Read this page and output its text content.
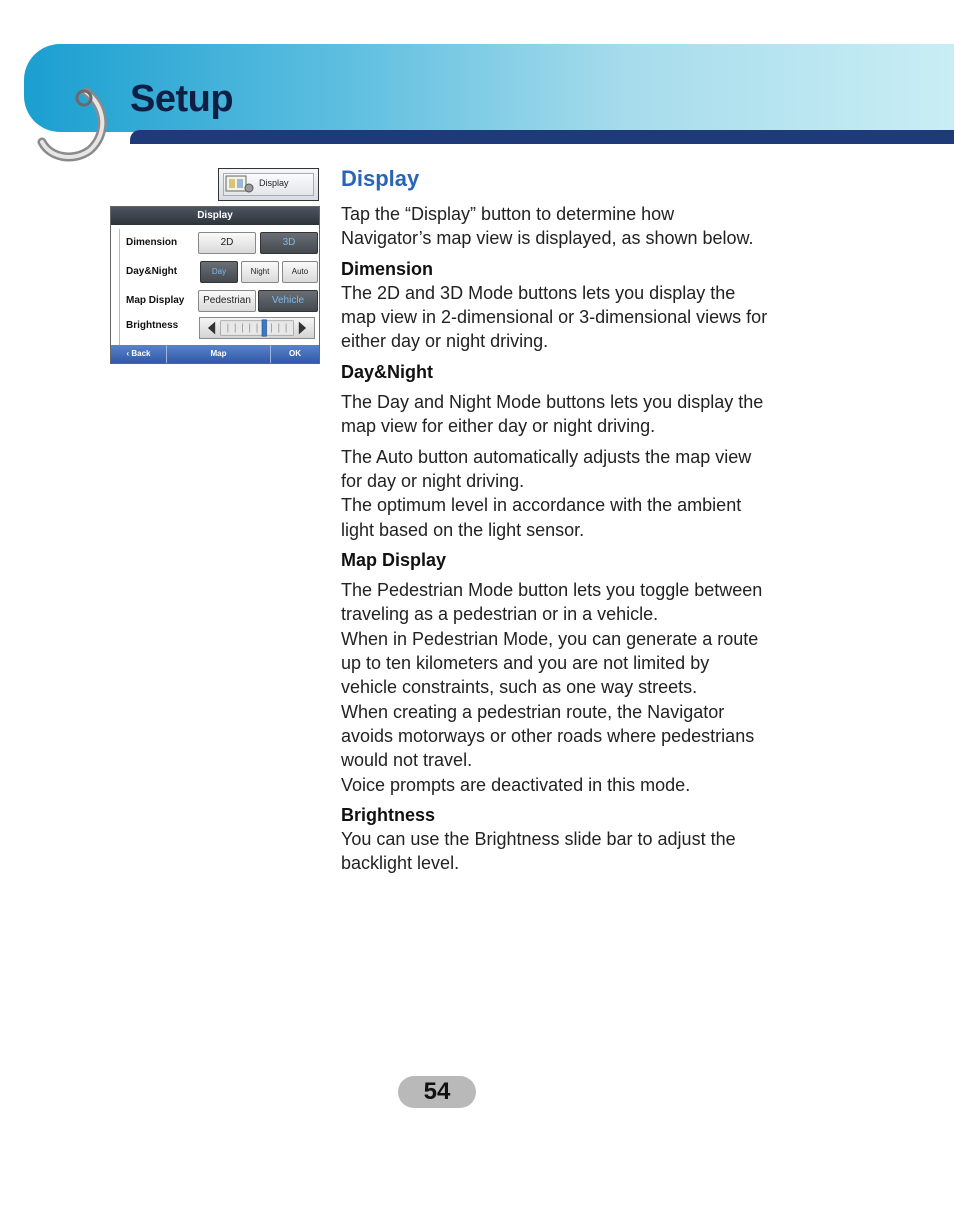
Setup
Display
Display
Dimension	2D	3D
Day&Night	Day	Night	Auto
Map Display	Pedestrian	Vehicle
Brightness
‹ Back	Map	OK
Display

Tap the “Display” button to determine how
Navigator’s map view is displayed, as shown below.

Dimension

The 2D and 3D Mode buttons lets you display the
map view in 2-dimensional or 3-dimensional views for
either day or night driving.

Day&Night

The Day and Night Mode buttons lets you display the
map view for either day or night driving.

The Auto button automatically adjusts the map view
for day or night driving.
The optimum level in accordance with the ambient
light based on the light sensor.

Map Display

The Pedestrian Mode button lets you toggle between
traveling as a pedestrian or in a vehicle.
When in Pedestrian Mode, you can generate a route
up to ten kilometers and you are not limited by
vehicle constraints, such as one way streets.
When creating a pedestrian route, the Navigator
avoids motorways or other roads where pedestrians
would not travel.
Voice prompts are deactivated in this mode.

Brightness

You can use the Brightness slide bar to adjust the
backlight level.

54
